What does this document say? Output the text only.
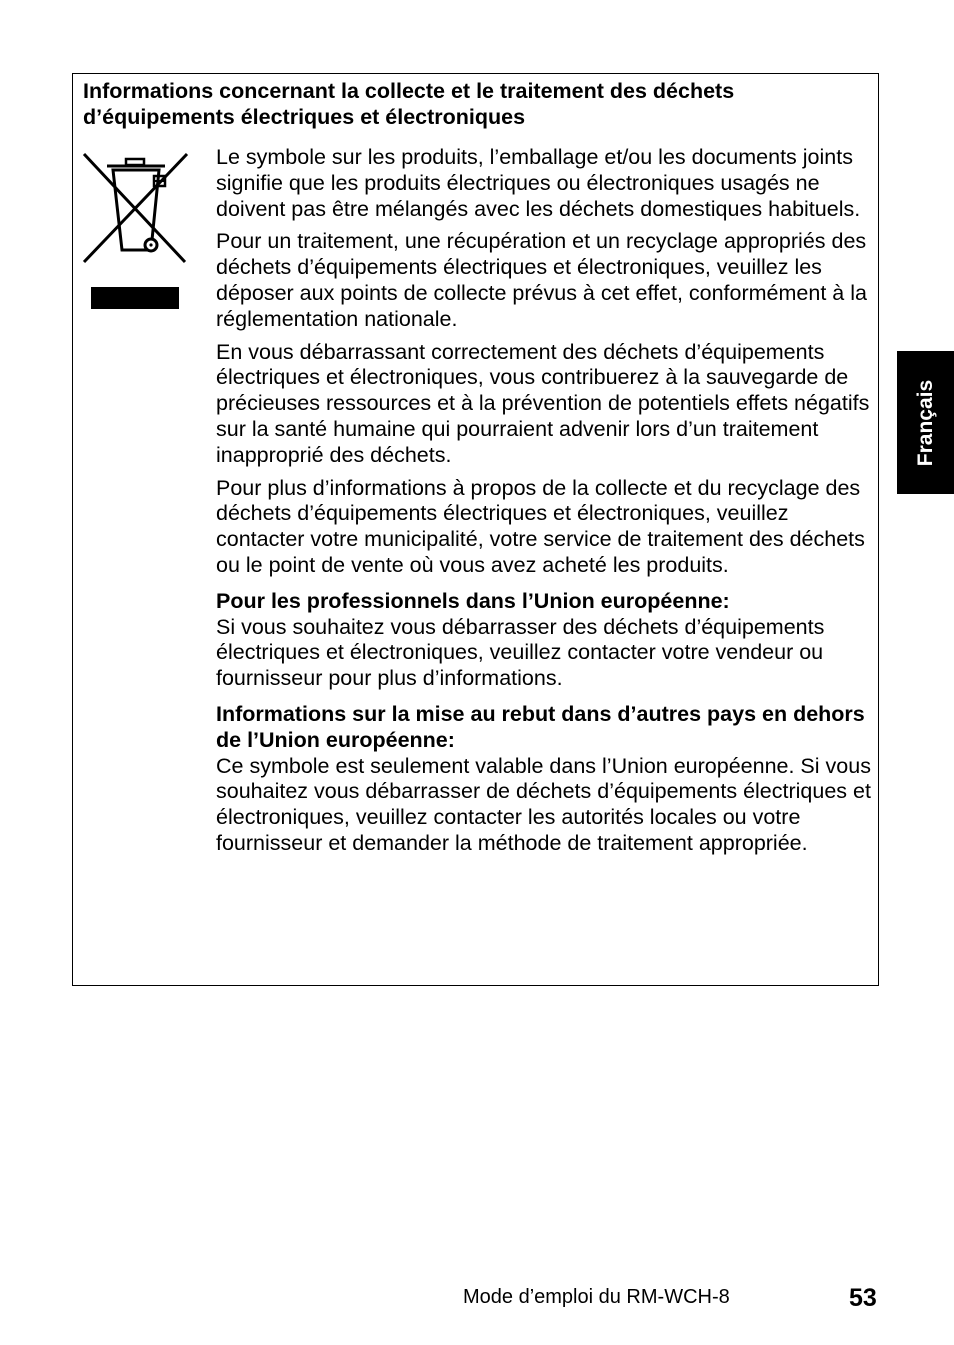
Informations concernant la collecte et le traitement des déchets
d’équipements électriques et électroniques

Le symbole sur les produits, l’emballage et/ou les documents joints signifie que les produits électriques ou électroniques usagés ne doivent pas être mélangés avec les déchets domestiques habituels.

Pour un traitement, une récupération et un recyclage appropriés des déchets d’équipements électriques et électroniques, veuillez les déposer aux points de collecte prévus à cet effet, conformément à la réglementation nationale.

En vous débarrassant correctement des déchets d’équipements électriques et électroniques, vous contribuerez à la sauvegarde de précieuses ressources et à la prévention de potentiels effets négatifs sur la santé humaine qui pourraient advenir lors d’un traitement inapproprié des déchets.

Pour plus d’informations à propos de la collecte et du recyclage des déchets d’équipements électriques et électroniques, veuillez contacter votre municipalité, votre service de traitement des déchets ou le point de vente où vous avez acheté les produits.

Pour les professionnels dans l’Union européenne:
Si vous souhaitez vous débarrasser des déchets d’équipements électriques et électroniques, veuillez contacter votre vendeur ou fournisseur pour plus d’informations.

Informations sur la mise au rebut dans d’autres pays en dehors de l’Union européenne:
Ce symbole est seulement valable dans l’Union européenne. Si vous souhaitez vous débarrasser de déchets d’équipements électriques et électroniques, veuillez contacter les autorités locales ou votre fournisseur et demander la méthode de traitement appropriée.

Français
Mode d’emploi du RM-WCH-8	53
